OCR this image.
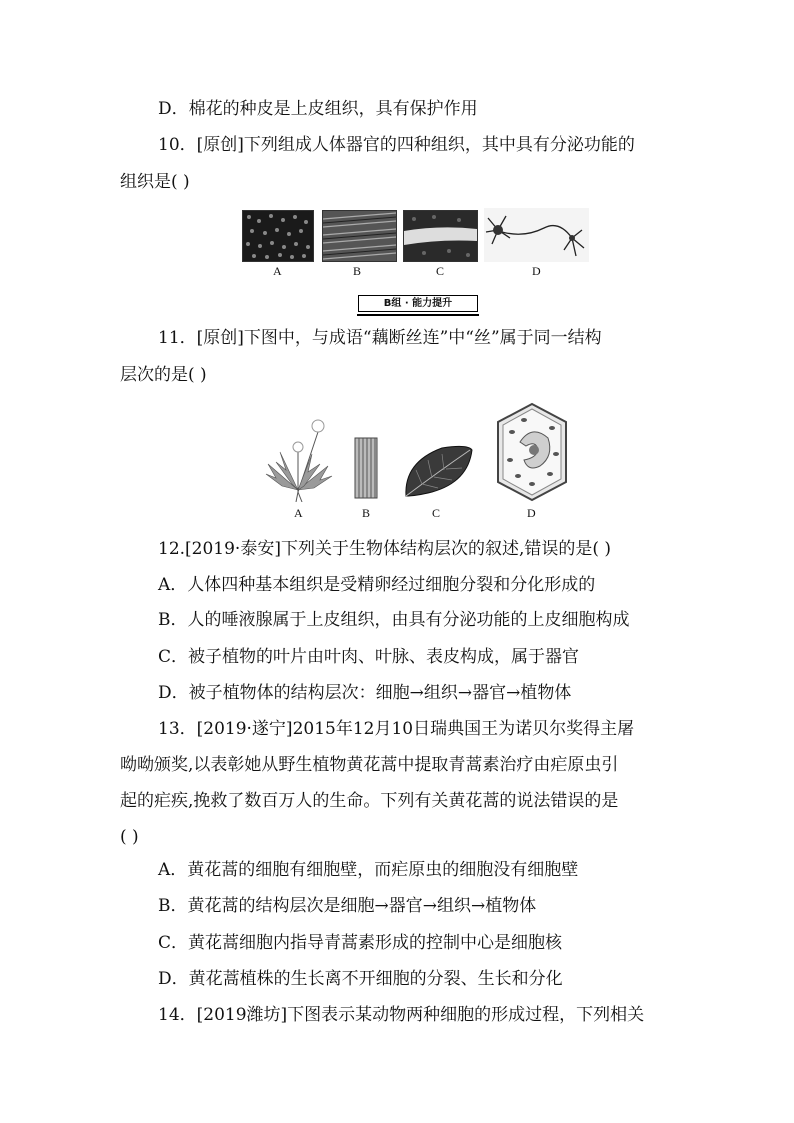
D．棉花的种皮是上皮组织，具有保护作用
10．[原创]下列组成人体器官的四种组织，其中具有分泌功能的
组织是( )
A	B	C	D
B组 · 能力提升
11．[原创]下图中，与成语“藕断丝连”中“丝”属于同一结构
层次的是( )
A	B	C	D
12.[2019·泰安]下列关于生物体结构层次的叙述,错误的是( )
A．人体四种基本组织是受精卵经过细胞分裂和分化形成的
B．人的唾液腺属于上皮组织，由具有分泌功能的上皮细胞构成
C．被子植物的叶片由叶肉、叶脉、表皮构成，属于器官
D．被子植物体的结构层次：细胞→组织→器官→植物体
13．[2019·遂宁]2015年12月10日瑞典国王为诺贝尔奖得主屠
呦呦颁奖,以表彰她从野生植物黄花蒿中提取青蒿素治疗由疟原虫引
起的疟疾,挽救了数百万人的生命。下列有关黄花蒿的说法错误的是
( )
A．黄花蒿的细胞有细胞壁，而疟原虫的细胞没有细胞壁
B．黄花蒿的结构层次是细胞→器官→组织→植物体
C．黄花蒿细胞内指导青蒿素形成的控制中心是细胞核
D．黄花蒿植株的生长离不开细胞的分裂、生长和分化
14．[2019潍坊]下图表示某动物两种细胞的形成过程，下列相关
